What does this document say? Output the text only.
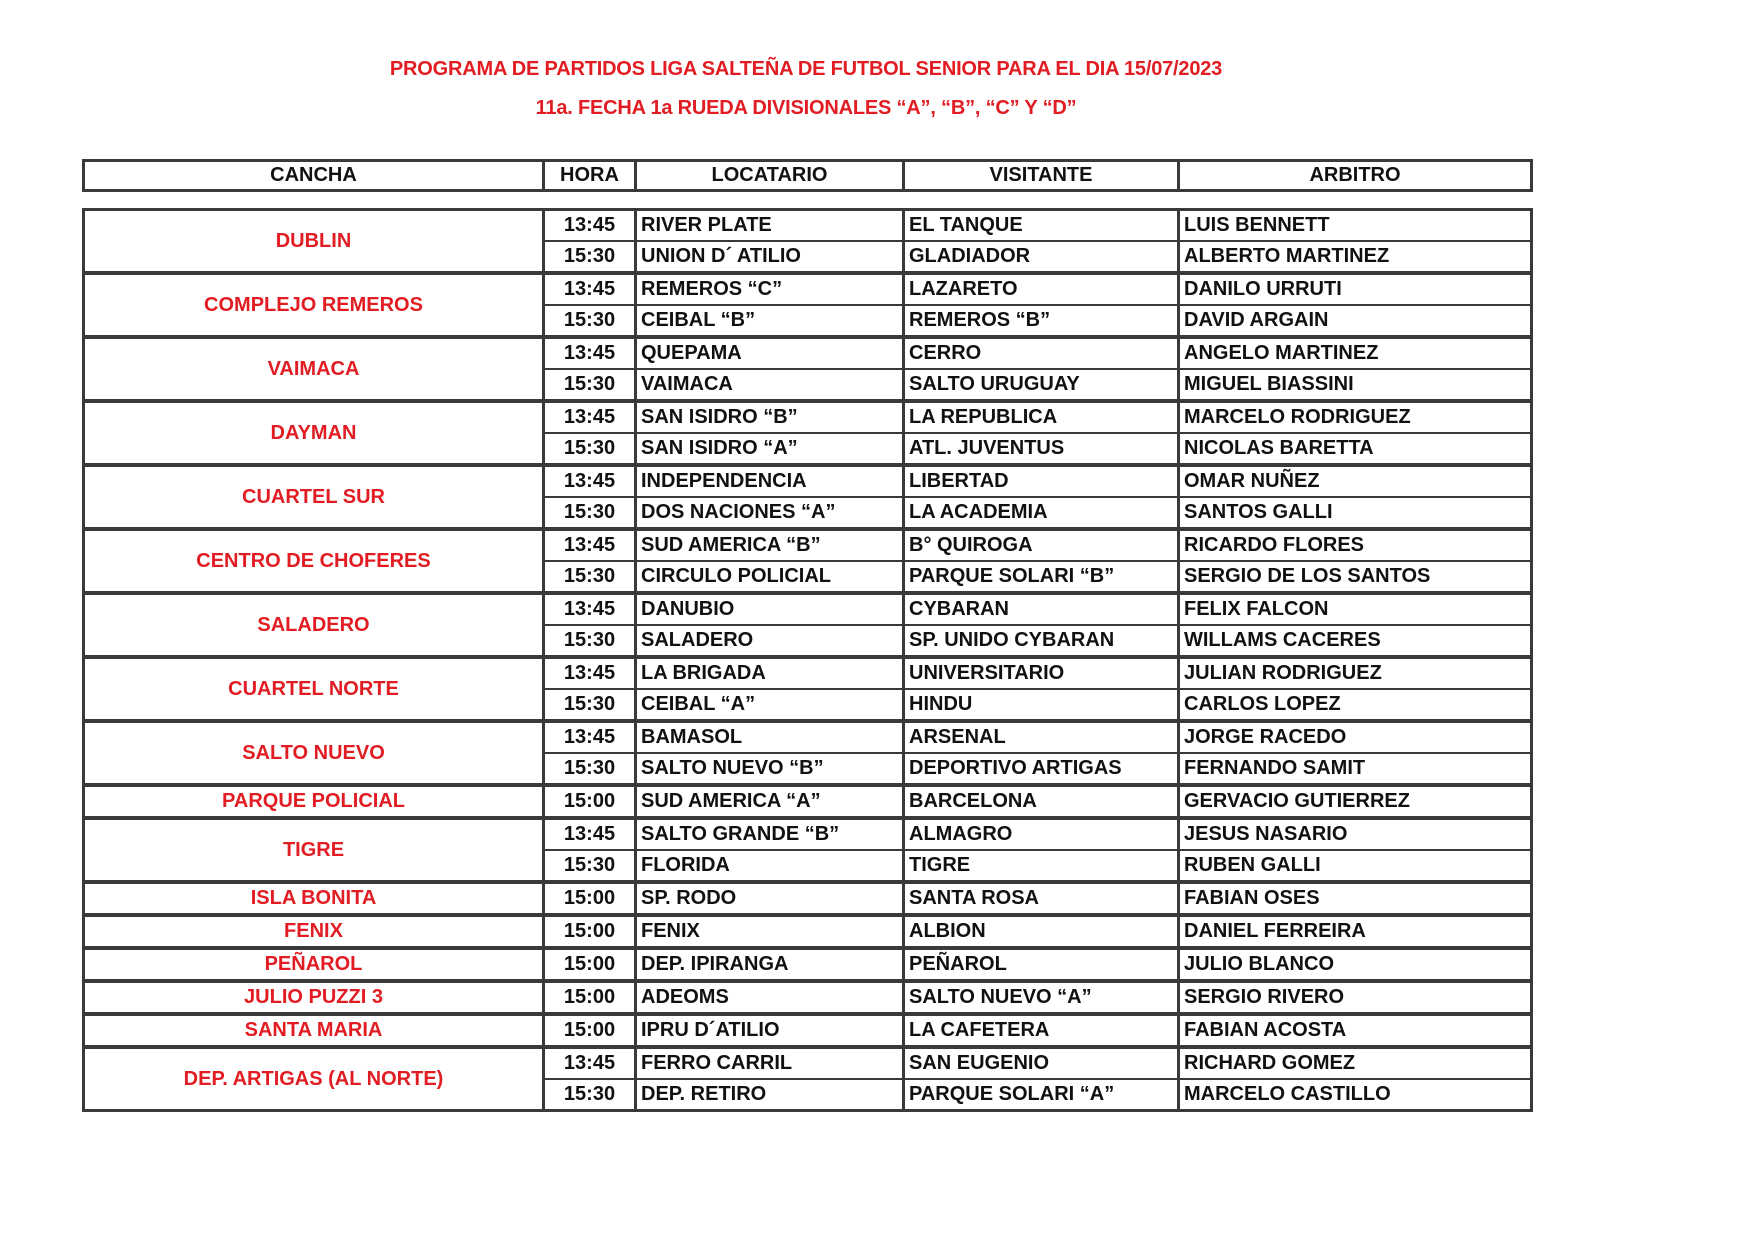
PROGRAMA DE PARTIDOS LIGA SALTEÑA DE FUTBOL SENIOR PARA EL DIA 15/07/2023
11a. FECHA 1a RUEDA DIVISIONALES “A”, “B”, “C” Y “D”
CANCHA	HORA	LOCATARIO	VISITANTE	ARBITRO
DUBLIN	13:45	RIVER PLATE	EL TANQUE	LUIS BENNETT
	15:30	UNION D´ ATILIO	GLADIADOR	ALBERTO MARTINEZ
COMPLEJO REMEROS	13:45	REMEROS “C”	LAZARETO	DANILO URRUTI
	15:30	CEIBAL “B”	REMEROS “B”	DAVID ARGAIN
VAIMACA	13:45	QUEPAMA	CERRO	ANGELO MARTINEZ
	15:30	VAIMACA	SALTO URUGUAY	MIGUEL BIASSINI
DAYMAN	13:45	SAN ISIDRO “B”	LA REPUBLICA	MARCELO RODRIGUEZ
	15:30	SAN ISIDRO “A”	ATL. JUVENTUS	NICOLAS BARETTA
CUARTEL SUR	13:45	INDEPENDENCIA	LIBERTAD	OMAR NUÑEZ
	15:30	DOS NACIONES “A”	LA ACADEMIA	SANTOS GALLI
CENTRO DE CHOFERES	13:45	SUD AMERICA “B”	B° QUIROGA	RICARDO FLORES
	15:30	CIRCULO POLICIAL	PARQUE SOLARI “B”	SERGIO DE LOS SANTOS
SALADERO	13:45	DANUBIO	CYBARAN	FELIX FALCON
	15:30	SALADERO	SP. UNIDO CYBARAN	WILLAMS CACERES
CUARTEL NORTE	13:45	LA BRIGADA	UNIVERSITARIO	JULIAN RODRIGUEZ
	15:30	CEIBAL “A”	HINDU	CARLOS LOPEZ
SALTO NUEVO	13:45	BAMASOL	ARSENAL	JORGE RACEDO
	15:30	SALTO NUEVO “B”	DEPORTIVO ARTIGAS	FERNANDO SAMIT
PARQUE POLICIAL	15:00	SUD AMERICA “A”	BARCELONA	GERVACIO GUTIERREZ
TIGRE	13:45	SALTO GRANDE “B”	ALMAGRO	JESUS NASARIO
	15:30	FLORIDA	TIGRE	RUBEN GALLI
ISLA BONITA	15:00	SP. RODO	SANTA ROSA	FABIAN OSES
FENIX	15:00	FENIX	ALBION	DANIEL FERREIRA
PEÑAROL	15:00	DEP. IPIRANGA	PEÑAROL	JULIO BLANCO
JULIO PUZZI 3	15:00	ADEOMS	SALTO NUEVO “A”	SERGIO RIVERO
SANTA MARIA	15:00	IPRU D´ATILIO	LA CAFETERA	FABIAN ACOSTA
DEP. ARTIGAS (AL NORTE)	13:45	FERRO CARRIL	SAN EUGENIO	RICHARD GOMEZ
	15:30	DEP. RETIRO	PARQUE SOLARI “A”	MARCELO CASTILLO
